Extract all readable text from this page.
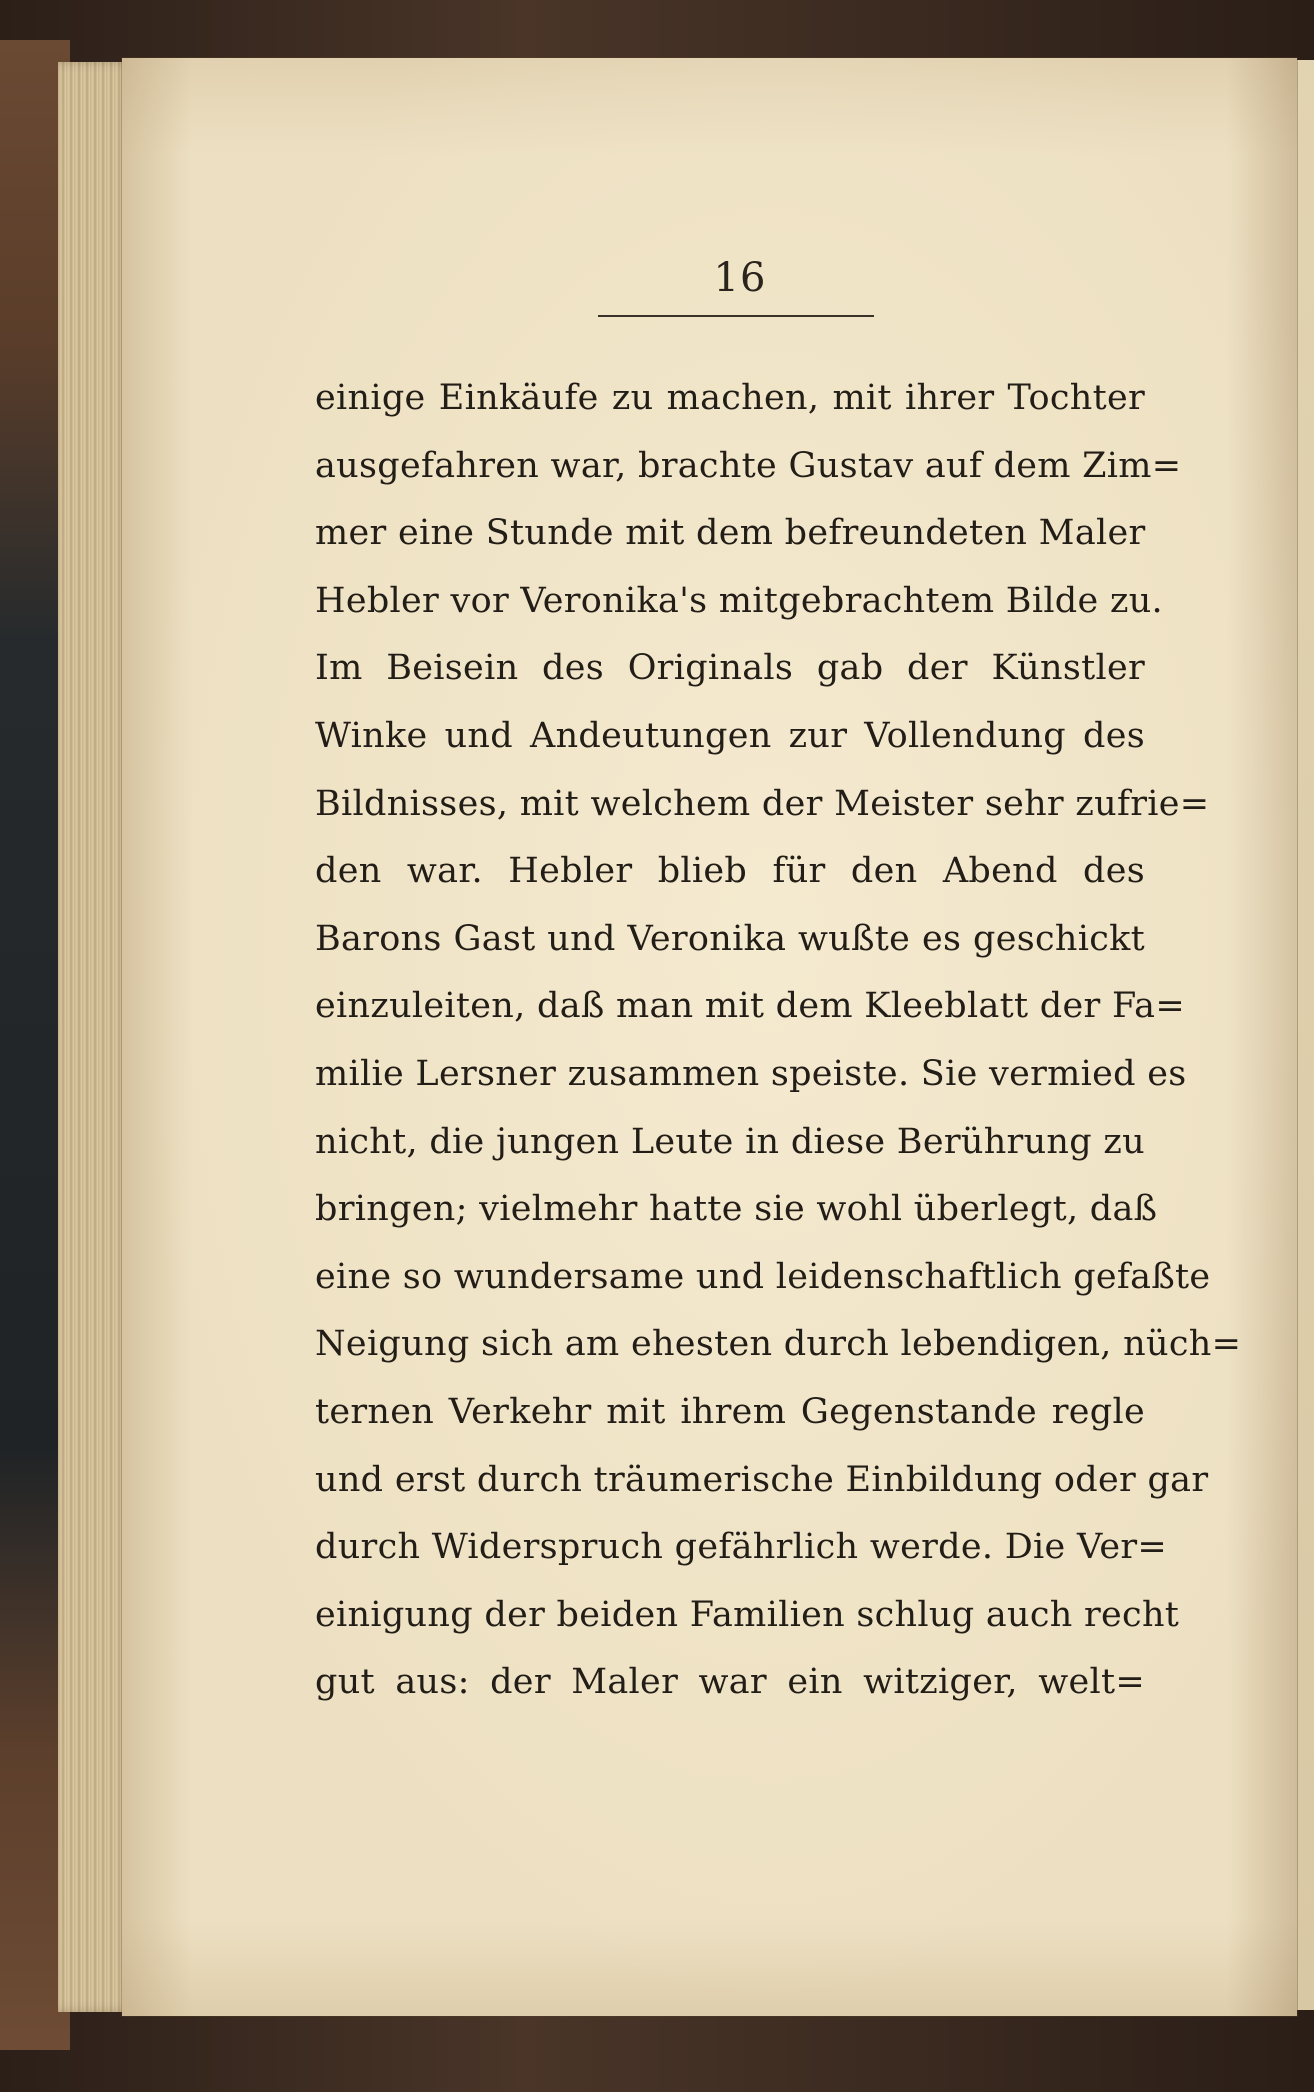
16
einige Einkäufe zu machen, mit ihrer Tochter
ausgefahren war, brachte Gustav auf dem Zim=
mer eine Stunde mit dem befreundeten Maler
Hebler vor Veronika's mitgebrachtem Bilde zu.
Im Beisein des Originals gab der Künstler
Winke und Andeutungen zur Vollendung des
Bildnisses, mit welchem der Meister sehr zufrie=
den war. Hebler blieb für den Abend des
Barons Gast und Veronika wußte es geschickt
einzuleiten, daß man mit dem Kleeblatt der Fa=
milie Lersner zusammen speiste. Sie vermied es
nicht, die jungen Leute in diese Berührung zu
bringen; vielmehr hatte sie wohl überlegt, daß
eine so wundersame und leidenschaftlich gefaßte
Neigung sich am ehesten durch lebendigen, nüch=
ternen Verkehr mit ihrem Gegenstande regle
und erst durch träumerische Einbildung oder gar
durch Widerspruch gefährlich werde. Die Ver=
einigung der beiden Familien schlug auch recht
gut aus: der Maler war ein witziger, welt=
